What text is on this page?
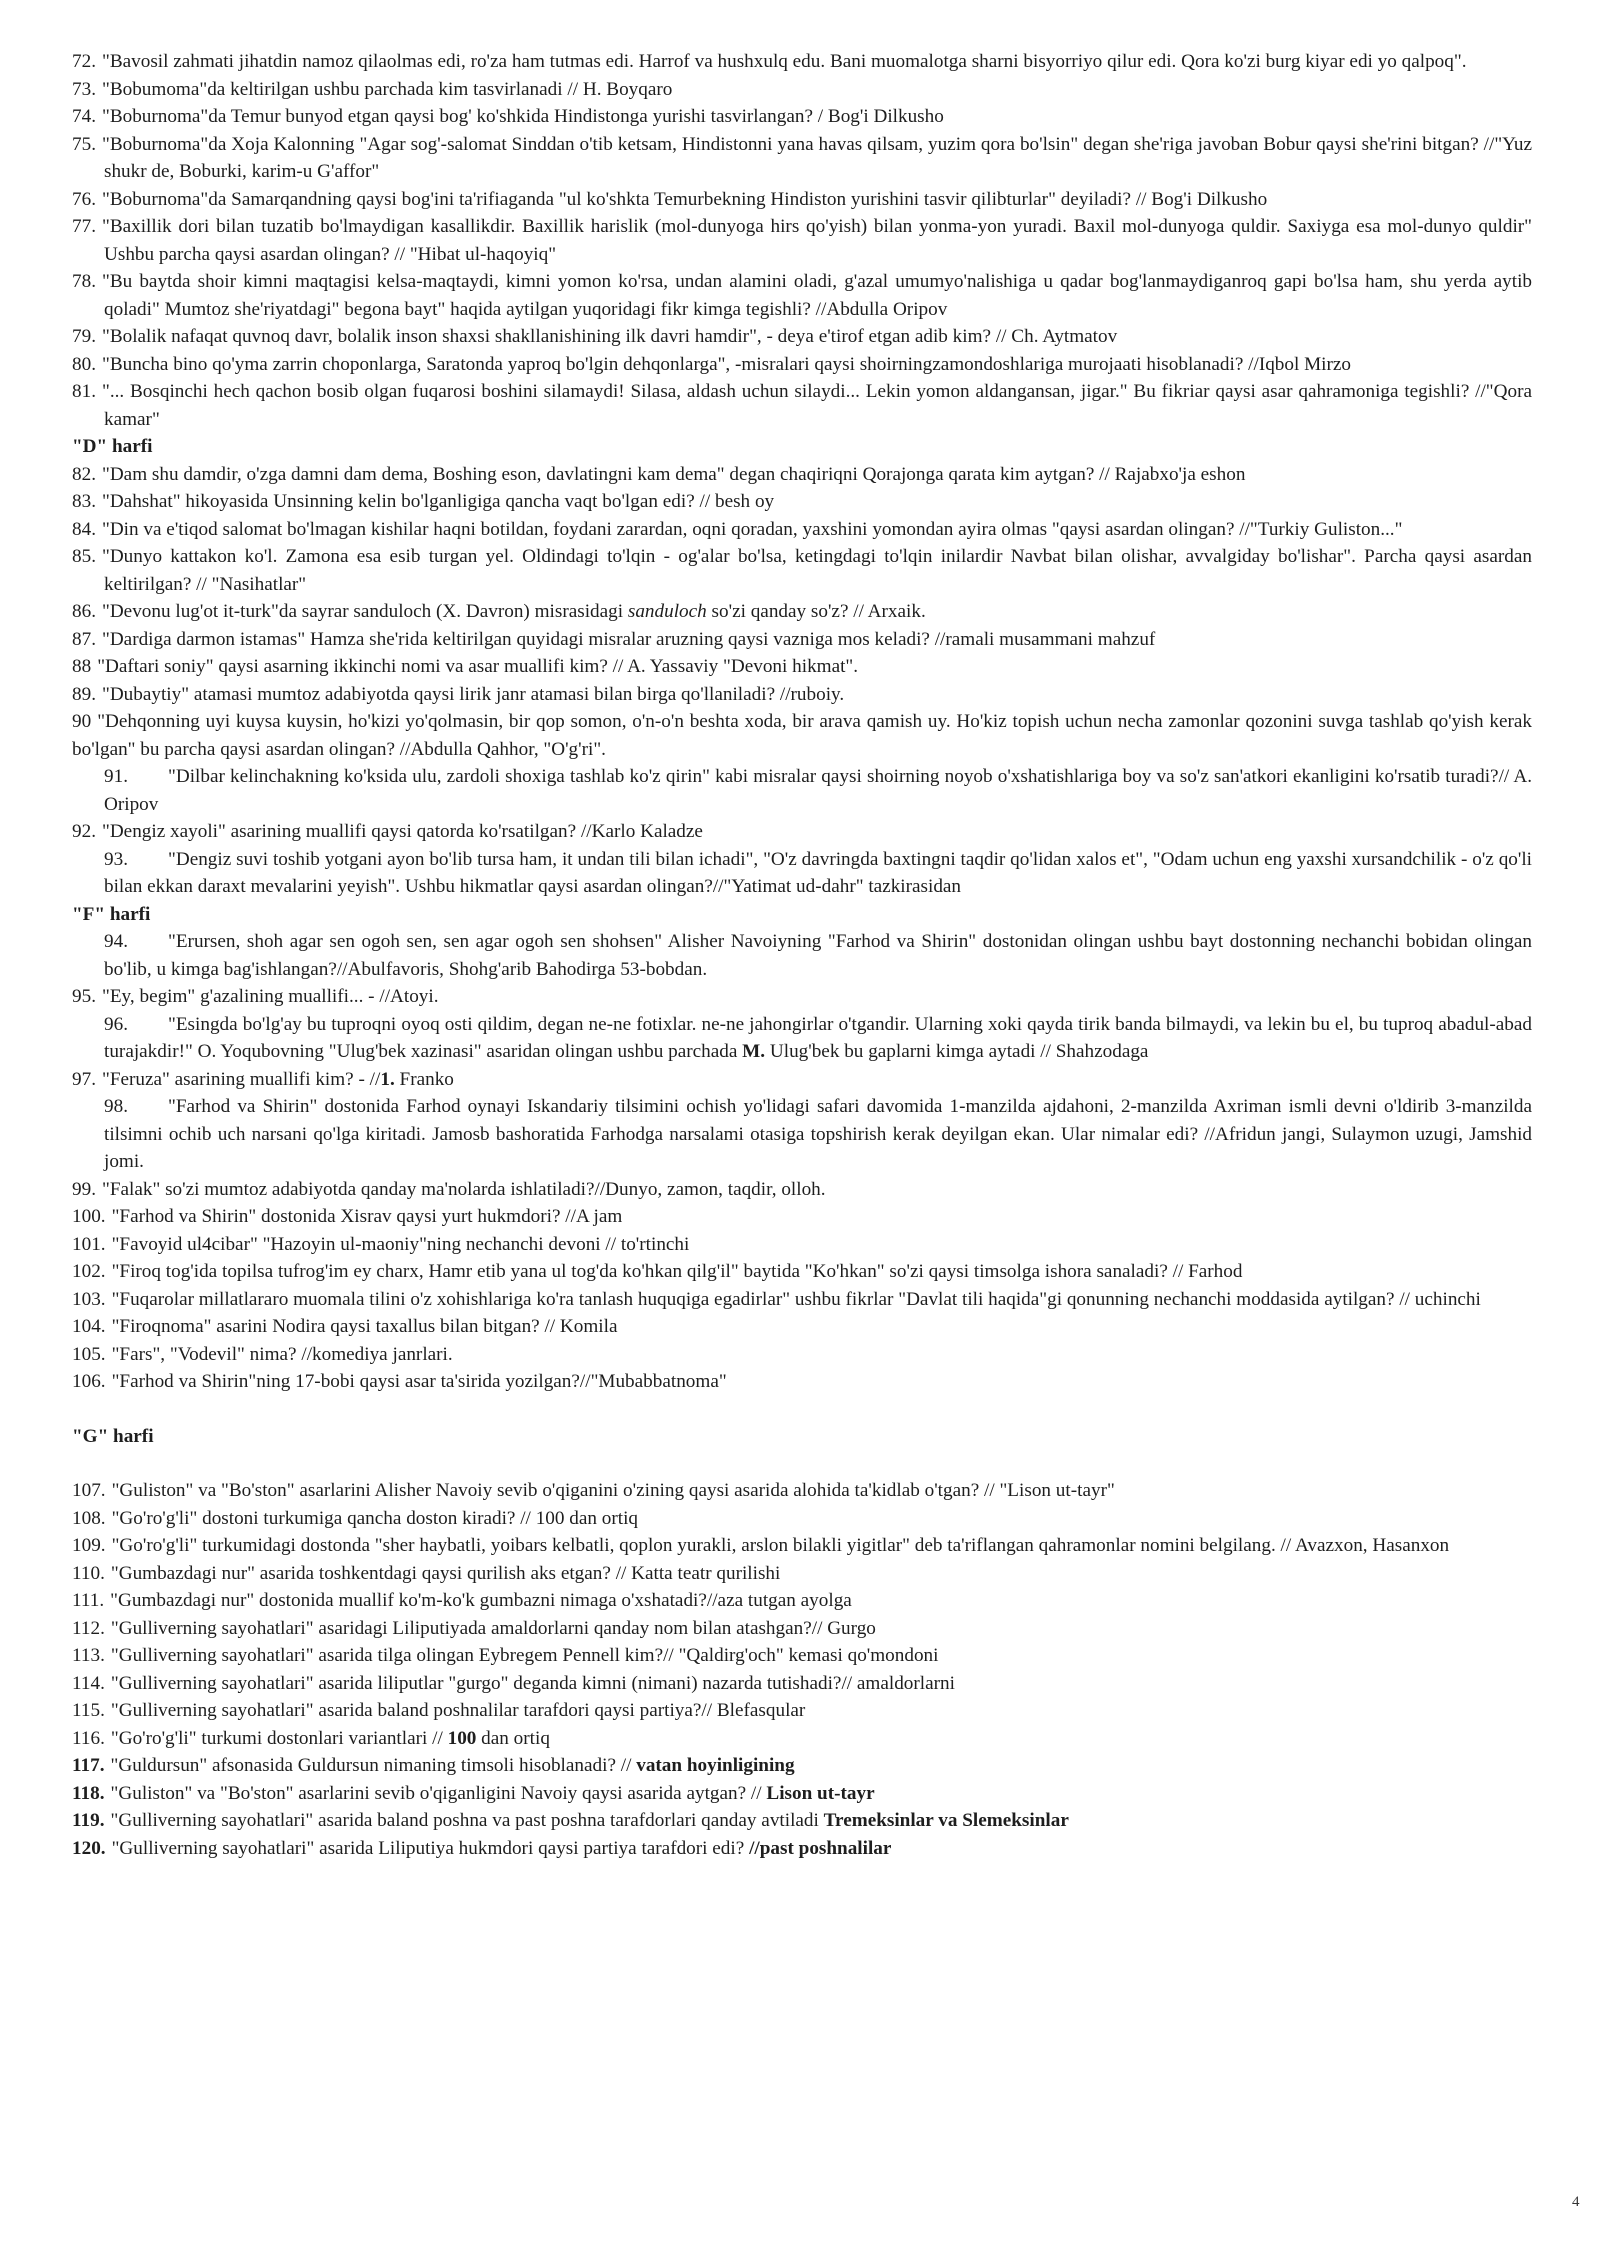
72. "Bavosil zahmati jihatdin namoz qilaolmas edi, ro'za ham tutmas edi. Harrof va hushxulq edu. Bani muomalotga sharni bisyorriyo qilur edi. Qora ko'zi burg kiyar edi yo qalpoq".

73. "Bobumoma"da keltirilgan ushbu parchada kim tasvirlanadi // H. Boyqaro

74. "Boburnoma"da Temur bunyod etgan qaysi bog' ko'shkida Hindistonga yurishi tasvirlangan? / Bog'i Dilkusho

75. "Boburnoma"da Xoja Kalonning "Agar sog'-salomat Sinddan o'tib ketsam, Hindistonni yana havas qilsam, yuzim qora bo'lsin" degan she'riga javoban Bobur qaysi she'rini bitgan? //"Yuz shukr de, Boburki, karim-u G'affor"

76. "Boburnoma"da Samarqandning qaysi bog'ini ta'rifiaganda "ul ko'shkta Temurbekning Hindiston yurishini tasvir qilibturlar" deyiladi? // Bog'i Dilkusho

77. "Baxillik dori bilan tuzatib bo'lmaydigan kasallikdir. Baxillik harislik (mol-dunyoga hirs qo'yish) bilan yonma-yon yuradi. Baxil mol-dunyoga quldir. Saxiyga esa mol-dunyo quldir" Ushbu parcha qaysi asardan olingan? // "Hibat ul-haqoyiq"

78. "Bu baytda shoir kimni maqtagisi kelsa-maqtaydi, kimni yomon ko'rsa, undan alamini oladi, g'azal umumyo'nalishiga u qadar bog'lanmaydiganroq gapi bo'lsa ham, shu yerda aytib qoladi" Mumtoz she'riyatdagi" begona bayt" haqida aytilgan yuqoridagi fikr kimga tegishli? //Abdulla Oripov

79. "Bolalik nafaqat quvnoq davr, bolalik inson shaxsi shakllanishining ilk davri hamdir", - deya e'tirof etgan adib kim? // Ch. Aytmatov

80. "Buncha bino qo'yma zarrin choponlarga, Saratonda yaproq bo'lgin dehqonlarga", -misralari qaysi shoirningzamondoshlariga murojaati hisoblanadi? //Iqbol Mirzo

81. "... Bosqinchi hech qachon bosib olgan fuqarosi boshini silamaydi! Silasa, aldash uchun silaydi... Lekin yomon aldangansan, jigar." Bu fikriar qaysi asar qahramoniga tegishli? //"Qora kamar"

"D" harfi

82. "Dam shu damdir, o'zga damni dam dema, Boshing eson, davlatingni kam dema" degan chaqiriqni Qorajonga qarata kim aytgan? // Rajabxo'ja eshon

83. "Dahshat" hikoyasida Unsinning kelin bo'lganligiga qancha vaqt bo'lgan edi? // besh oy

84. "Din va e'tiqod salomat bo'lmagan kishilar haqni botildan, foydani zarardan, oqni qoradan, yaxshini yomondan ayira olmas "qaysi asardan olingan? //"Turkiy Guliston..."

85. "Dunyo kattakon ko'l. Zamona esa esib turgan yel. Oldindagi to'lqin - og'alar bo'lsa, ketingdagi to'lqin inilardir Navbat bilan olishar, avvalgiday bo'lishar". Parcha qaysi asardan keltirilgan? // "Nasihatlar"

86. "Devonu lug'ot it-turk"da sayrar sanduloch (X. Davron) misrasidagi sanduloch so'zi qanday so'z? // Arxaik.

87. "Dardiga darmon istamas" Hamza she'rida keltirilgan quyidagi misralar aruzning qaysi vazniga mos keladi? //ramali musammani mahzuf

88 "Daftari soniy" qaysi asarning ikkinchi nomi va asar muallifi kim? // A. Yassaviy "Devoni hikmat".

89. "Dubaytiy" atamasi mumtoz adabiyotda qaysi lirik janr atamasi bilan birga qo'llaniladi? //ruboiy.

90 "Dehqonning uyi kuysa kuysin, ho'kizi yo'qolmasin, bir qop somon, o'n-o'n beshta xoda, bir arava qamish uy. Ho'kiz topish uchun necha zamonlar qozonini suvga tashlab qo'yish kerak bo'lgan" bu parcha qaysi asardan olingan? //Abdulla Qahhor, "O'g'ri".

91. "Dilbar kelinchakning ko'ksida ulu, zardoli shoxiga tashlab ko'z qirin" kabi misralar qaysi shoirning noyob o'xshatishlariga boy va so'z san'atkori ekanligini ko'rsatib turadi?// A. Oripov

92. "Dengiz xayoli" asarining muallifi qaysi qatorda ko'rsatilgan? //Karlo Kaladze

93. "Dengiz suvi toshib yotgani ayon bo'lib tursa ham, it undan tili bilan ichadi", "O'z davringda baxtingni taqdir qo'lidan xalos et", "Odam uchun eng yaxshi xursandchilik - o'z qo'li bilan ekkan daraxt mevalarini yeyish". Ushbu hikmatlar qaysi asardan olingan?//"Yatimat ud-dahr" tazkirasidan

"F" harfi

94. "Erursen, shoh agar sen ogoh sen, sen agar ogoh sen shohsen" Alisher Navoiyning "Farhod va Shirin" dostonidan olingan ushbu bayt dostonning nechanchi bobidan olingan bo'lib, u kimga bag'ishlangan?//Abulfavoris, Shohg'arib Bahodirga 53-bobdan.

95. "Ey, begim" g'azalining muallifi... - //Atoyi.

96. "Esingda bo'lg'ay bu tuproqni oyoq osti qildim, degan ne-ne fotixlar. ne-ne jahongirlar o'tgandir. Ularning xoki qayda tirik banda bilmaydi, va lekin bu el, bu tuproq abadul-abad turajakdir!" O. Yoqubovning "Ulug'bek xazinasi" asaridan olingan ushbu parchada M. Ulug'bek bu gaplarni kimga aytadi // Shahzodaga

97. "Feruza" asarining muallifi kim? - //1. Franko

98. "Farhod va Shirin" dostonida Farhod oynayi Iskandariy tilsimini ochish yo'lidagi safari davomida 1-manzilda ajdahoni, 2-manzilda Axriman ismli devni o'ldirib 3-manzilda tilsimni ochib uch narsani qo'lga kiritadi. Jamosb bashoratida Farhodga narsalami otasiga topshirish kerak deyilgan ekan. Ular nimalar edi? //Afridun jangi, Sulaymon uzugi, Jamshid jomi.

99. "Falak" so'zi mumtoz adabiyotda qanday ma'nolarda ishlatiladi?//Dunyo, zamon, taqdir, olloh.

100. "Farhod va Shirin" dostonida Xisrav qaysi yurt hukmdori? //A jam

101. "Favoyid ul4cibar" "Hazoyin ul-maoniy"ning nechanchi devoni // to'rtinchi

102. "Firoq tog'ida topilsa tufrog'im ey charx, Hamr etib yana ul tog'da ko'hkan qilg'il" baytida "Ko'hkan" so'zi qaysi timsolga ishora sanaladi? // Farhod

103. "Fuqarolar millatlararo muomala tilini o'z xohishlariga ko'ra tanlash huquqiga egadirlar" ushbu fikrlar "Davlat tili haqida"gi qonunning nechanchi moddasida aytilgan? // uchinchi

104. "Firoqnoma" asarini Nodira qaysi taxallus bilan bitgan? // Komila

105. "Fars", "Vodevil" nima? //komediya janrlari.

106. "Farhod va Shirin"ning 17-bobi qaysi asar ta'sirida yozilgan?//"Mubabbatnoma"

"G" harfi

107. "Guliston" va "Bo'ston" asarlarini Alisher Navoiy sevib o'qiganini o'zining qaysi asarida alohida ta'kidlab o'tgan? // "Lison ut-tayr"

108. "Go'ro'g'li" dostoni turkumiga qancha doston kiradi? // 100 dan ortiq

109. "Go'ro'g'li" turkumidagi dostonda "sher haybatli, yoibars kelbatli, qoplon yurakli, arslon bilakli yigitlar" deb ta'riflangan qahramonlar nomini belgilang. // Avazxon, Hasanxon

110. "Gumbazdagi nur" asarida toshkentdagi qaysi qurilish aks etgan? // Katta teatr qurilishi

111. "Gumbazdagi nur" dostonida muallif ko'm-ko'k gumbazni nimaga o'xshatadi?//aza tutgan ayolga

112. "Gulliverning sayohatlari" asaridagi Liliputiyada amaldorlarni qanday nom bilan atashgan?// Gurgo

113. "Gulliverning sayohatlari" asarida tilga olingan Eybregem Pennell kim?// "Qaldirg'och" kemasi qo'mondoni

114. "Gulliverning sayohatlari" asarida liliputlar "gurgo" deganda kimni (nimani) nazarda tutishadi?// amaldorlarni

115. "Gulliverning sayohatlari" asarida baland poshnalilar tarafdori qaysi partiya?// Blefasqular

116. "Go'ro'g'li" turkumi dostonlari variantlari // 100 dan ortiq

117. "Guldursun" afsonasida Guldursun nimaning timsoli hisoblanadi? // vatan hoyinligining

118. "Guliston" va "Bo'ston" asarlarini sevib o'qiganligini Navoiy qaysi asarida aytgan? // Lison ut-tayr

119. "Gulliverning sayohatlari" asarida baland poshna va past poshna tarafdorlari qanday avtiladi Tremeksinlar va Slemeksinlar

120. "Gulliverning sayohatlari" asarida Liliputiya hukmdori qaysi partiya tarafdori edi? //past poshnalilar

4
